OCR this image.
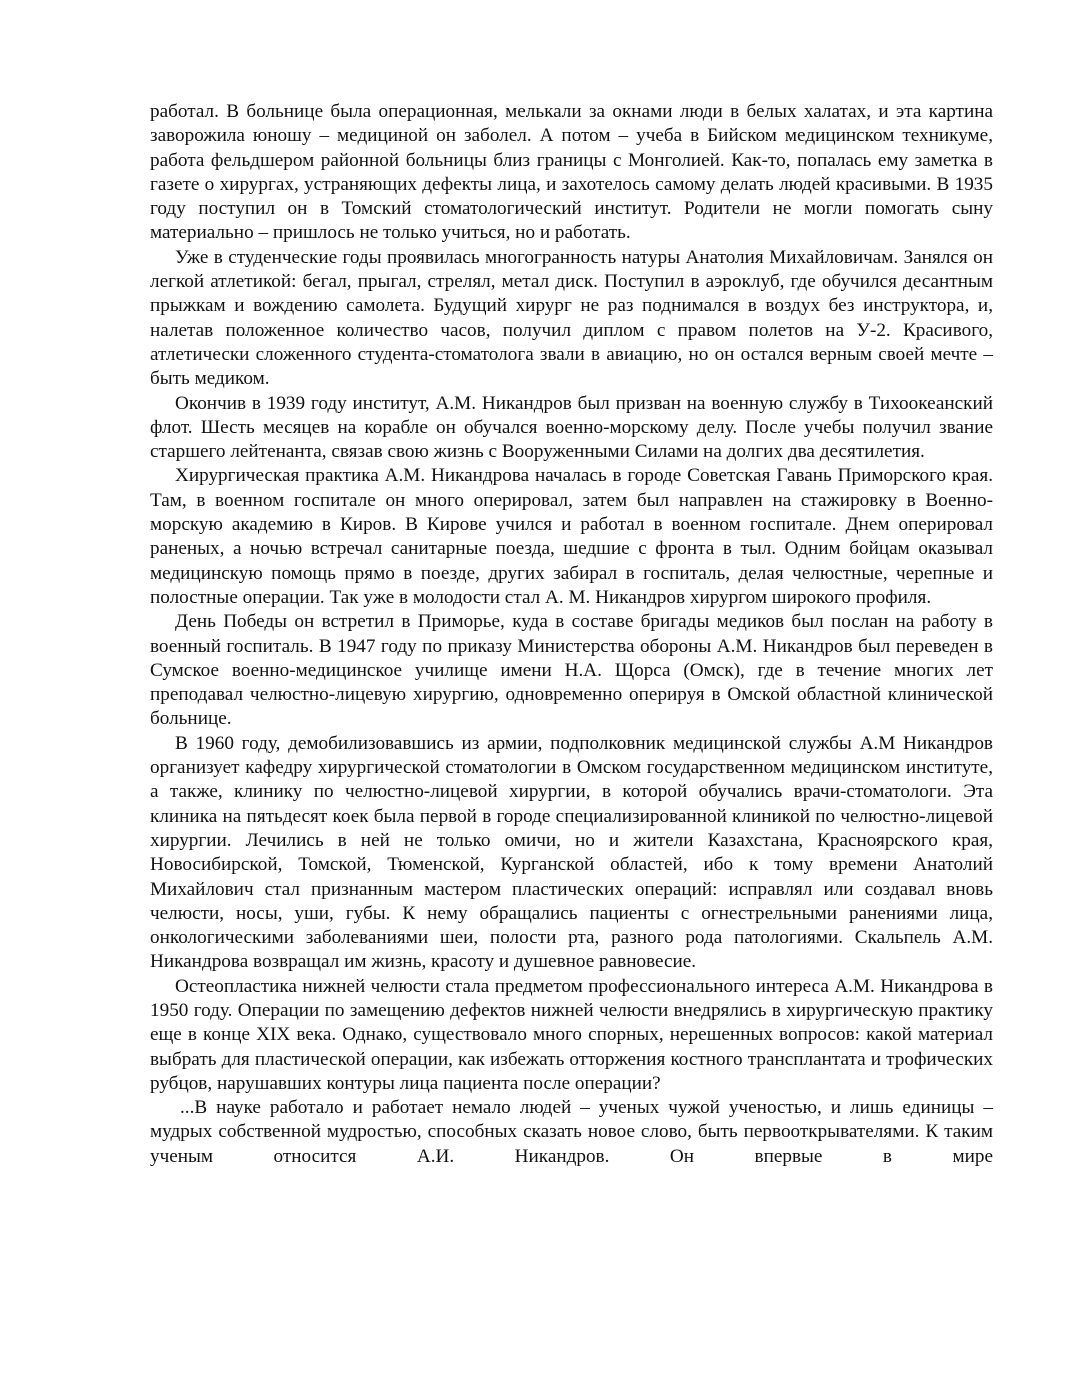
работал. В больнице была операционная, мелькали за окнами люди в белых халатах, и эта картина заворожила юношу – медициной он заболел. А потом – учеба в Бийском медицинском техникуме, работа фельдшером районной больницы близ границы с Монголией. Как-то, попалась ему заметка в газете о хирургах, устраняющих дефекты лица, и захотелось самому делать людей красивыми. В 1935 году поступил он в Томский стоматологический институт. Родители не могли помогать сыну материально – пришлось не только учиться, но и работать.

Уже в студенческие годы проявилась многогранность натуры Анатолия Михайловичам. Занялся он легкой атлетикой: бегал, прыгал, стрелял, метал диск. Поступил в аэроклуб, где обучился десантным прыжкам и вождению самолета. Будущий хирург не раз поднимался в воздух без инструктора, и, налетав положенное количество часов, получил диплом с правом полетов на У-2. Красивого, атлетически сложенного студента-стоматолога звали в авиацию, но он остался верным своей мечте – быть медиком.

Окончив в 1939 году институт, А.М. Никандров был призван на военную службу в Тихоокеанский флот. Шесть месяцев на корабле он обучался военно-морскому делу. После учебы получил звание старшего лейтенанта, связав свою жизнь с Вооруженными Силами на долгих два десятилетия.

Хирургическая практика А.М. Никандрова началась в городе Советская Гавань Приморского края. Там, в военном госпитале он много оперировал, затем был направлен на стажировку в Военно-морскую академию в Киров. В Кирове учился и работал в военном госпитале. Днем оперировал раненых, а ночью встречал санитарные поезда, шедшие с фронта в тыл. Одним бойцам оказывал медицинскую помощь прямо в поезде, других забирал в госпиталь, делая челюстные, черепные и полостные операции. Так уже в молодости стал А. М. Никандров хирургом широкого профиля.

День Победы он встретил в Приморье, куда в составе бригады медиков был послан на работу в военный госпиталь. В 1947 году по приказу Министерства обороны А.М. Никандров был переведен в Сумское военно-медицинское училище имени Н.А. Щорса (Омск), где в течение многих лет преподавал челюстно-лицевую хирургию, одновременно оперируя в Омской областной клинической больнице.

В 1960 году, демобилизовавшись из армии, подполковник медицинской службы А.М Никандров организует кафедру хирургической стоматологии в Омском государственном медицинском институте, а также, клинику по челюстно-лицевой хирургии, в которой обучались врачи-стоматологи. Эта клиника на пятьдесят коек была первой в городе специализированной клиникой по челюстно-лицевой хирургии. Лечились в ней не только омичи, но и жители Казахстана, Красноярского края, Новосибирской, Томской, Тюменской, Курганской областей, ибо к тому времени Анатолий Михайлович стал признанным мастером пластических операций: исправлял или создавал вновь челюсти, носы, уши, губы. К нему обращались пациенты с огнестрельными ранениями лица, онкологическими заболеваниями шеи, полости рта, разного рода патологиями. Скальпель А.М. Никандрова возвращал им жизнь, красоту и душевное равновесие.

Остеопластика нижней челюсти стала предметом профессионального интереса А.М. Никандрова в 1950 году. Операции по замещению дефектов нижней челюсти внедрялись в хирургическую практику еще в конце XIX века. Однако, существовало много спорных, нерешенных вопросов: какой материал выбрать для пластической операции, как избежать отторжения костного трансплантата и трофических рубцов, нарушавших контуры лица пациента после операции?

...В науке работало и работает немало людей – ученых чужой ученостью, и лишь единицы – мудрых собственной мудростью, способных сказать новое слово, быть первооткрывателями. К таким ученым относится А.И. Никандров. Он впервые в мире
